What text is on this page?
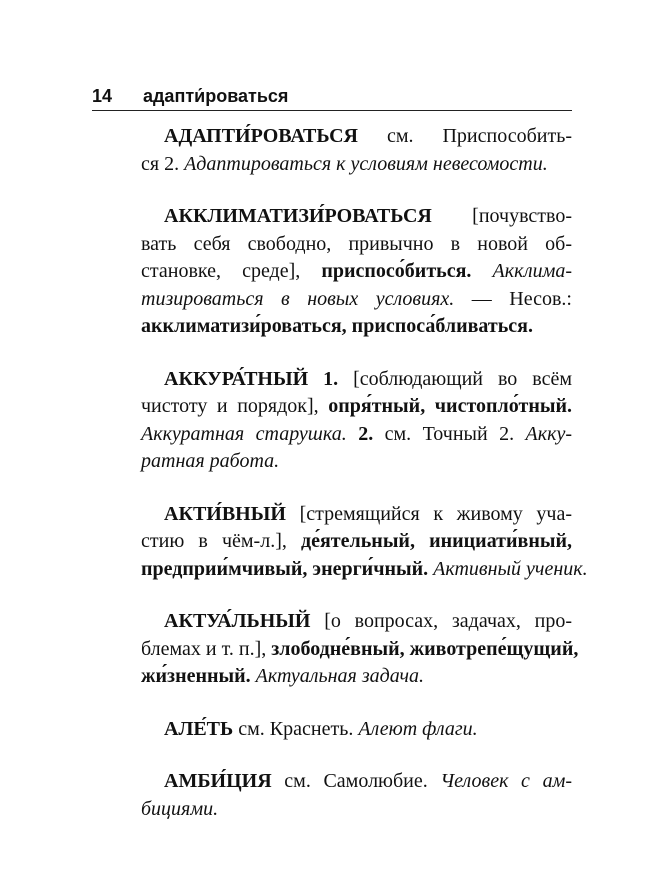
14 адапти́роваться
АДАПТИ́РОВАТЬСЯ см. Приспособить-
ся 2. Адаптироваться к условиям невесомости.
АККЛИМАТИЗИ́РОВАТЬСЯ [почувство-
вать себя свободно, привычно в новой об-
становке, среде], приспосо́биться. Акклима-
тизироваться в новых условиях. — Несов.:
акклиматизи́роваться, приспоса́бливаться.
АККУРА́ТНЫЙ 1. [соблюдающий во всём
чистоту и порядок], опря́тный, чистопло́тный.
Аккуратная старушка. 2. см. Точный 2. Акку-
ратная работа.
АКТИ́ВНЫЙ [стремящийся к живому уча-
стию в чём-л.], де́ятельный, инициати́вный,
предприи́мчивый, энерги́чный. Активный ученик.
АКТУА́ЛЬНЫЙ [о вопросах, задачах, про-
блемах и т. п.], злободне́вный, животрепе́щущий,
жи́зненный. Актуальная задача.
АЛЕ́ТЬ см. Краснеть. Алеют флаги.
АМБИ́ЦИЯ см. Самолюбие. Человек с ам-
бициями.
